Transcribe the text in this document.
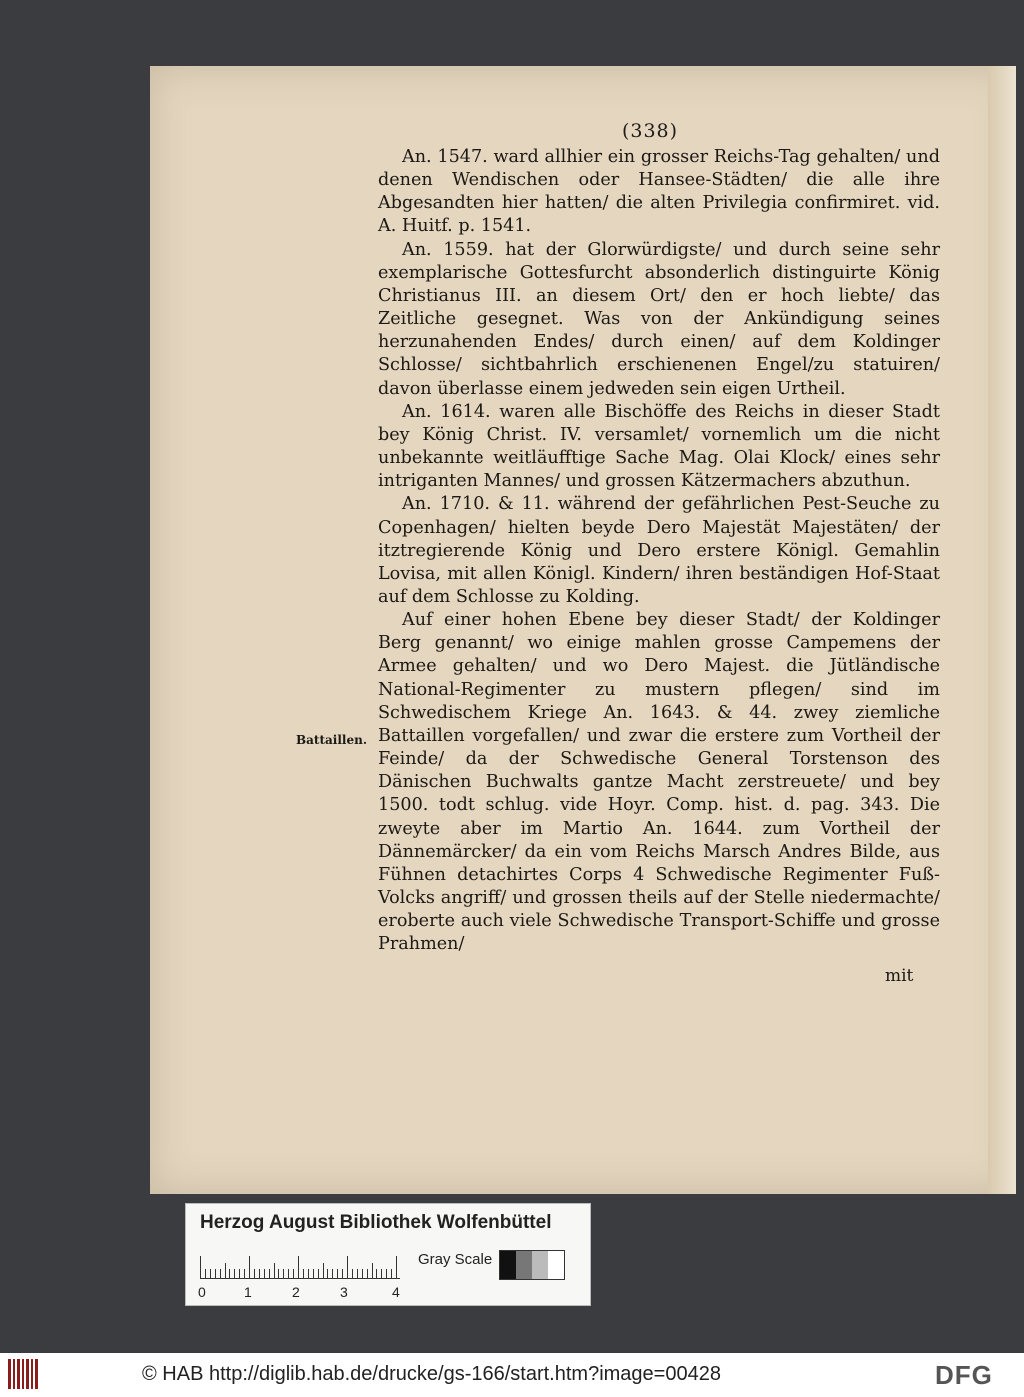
(338)

An. 1547. ward allhier ein grosser Reichs-Tag gehalten/ und denen Wendischen oder Hansee-Städten/ die alle ihre Abgesandten hier hatten/ die alten Privilegia confirmiret. vid. A. Huitf. p. 1541.

An. 1559. hat der Glorwürdigste/ und durch seine sehr exemplarische Gottesfurcht absonderlich distinguirte König Christianus III. an diesem Ort/ den er hoch liebte/ das Zeitliche gesegnet. Was von der Ankündigung seines herzunahenden Endes/ durch einen/ auf dem Koldinger Schlosse/ sichtbahrlich erschienenen Engel/zu statuiren/ davon überlasse einem jedweden sein eigen Urtheil.

An. 1614. waren alle Bischöffe des Reichs in dieser Stadt bey König Christ. IV. versamlet/ vornemlich um die nicht unbekannte weitläufftige Sache Mag. Olai Klock/ eines sehr intriganten Mannes/ und grossen Kätzermachers abzuthun.

An. 1710. & 11. während der gefährlichen Pest-Seuche zu Copenhagen/ hielten beyde Dero Majestät Majestäten/ der itztregierende König und Dero erstere Königl. Gemahlin Lovisa, mit allen Königl. Kindern/ ihren beständigen Hof-Staat auf dem Schlosse zu Kolding.

Auf einer hohen Ebene bey dieser Stadt/ der Koldinger Berg genannt/ wo einige mahlen grosse Campemens der Armee gehalten/ und wo Dero Majest. die Jütländische National-Regimenter zu mustern pflegen/ sind im Schwedischem Kriege An. 1643. & 44. zwey ziemliche Battaillen vorgefallen/ und zwar die erstere zum Vortheil der Feinde/ da der Schwedische General Torstenson des Dänischen Buchwalts gantze Macht zerstreuete/ und bey 1500. todt schlug. vide Hoyr. Comp. hist. d. pag. 343. Die zweyte aber im Martio An. 1644. zum Vortheil der Dännemärcker/ da ein vom Reichs Marsch Andres Bilde, aus Fühnen detachirtes Corps 4 Schwedische Regimenter Fuß-Volcks angriff/ und grossen theils auf der Stelle niedermachte/ eroberte auch viele Schwedische Transport-Schiffe und grosse Prahmen/

Battaillen.
mit
Herzog August Bibliothek Wolfenbüttel
0	1	2	3	4
Gray Scale
© HAB http://diglib.hab.de/drucke/gs-166/start.htm?image=00428	DFG
